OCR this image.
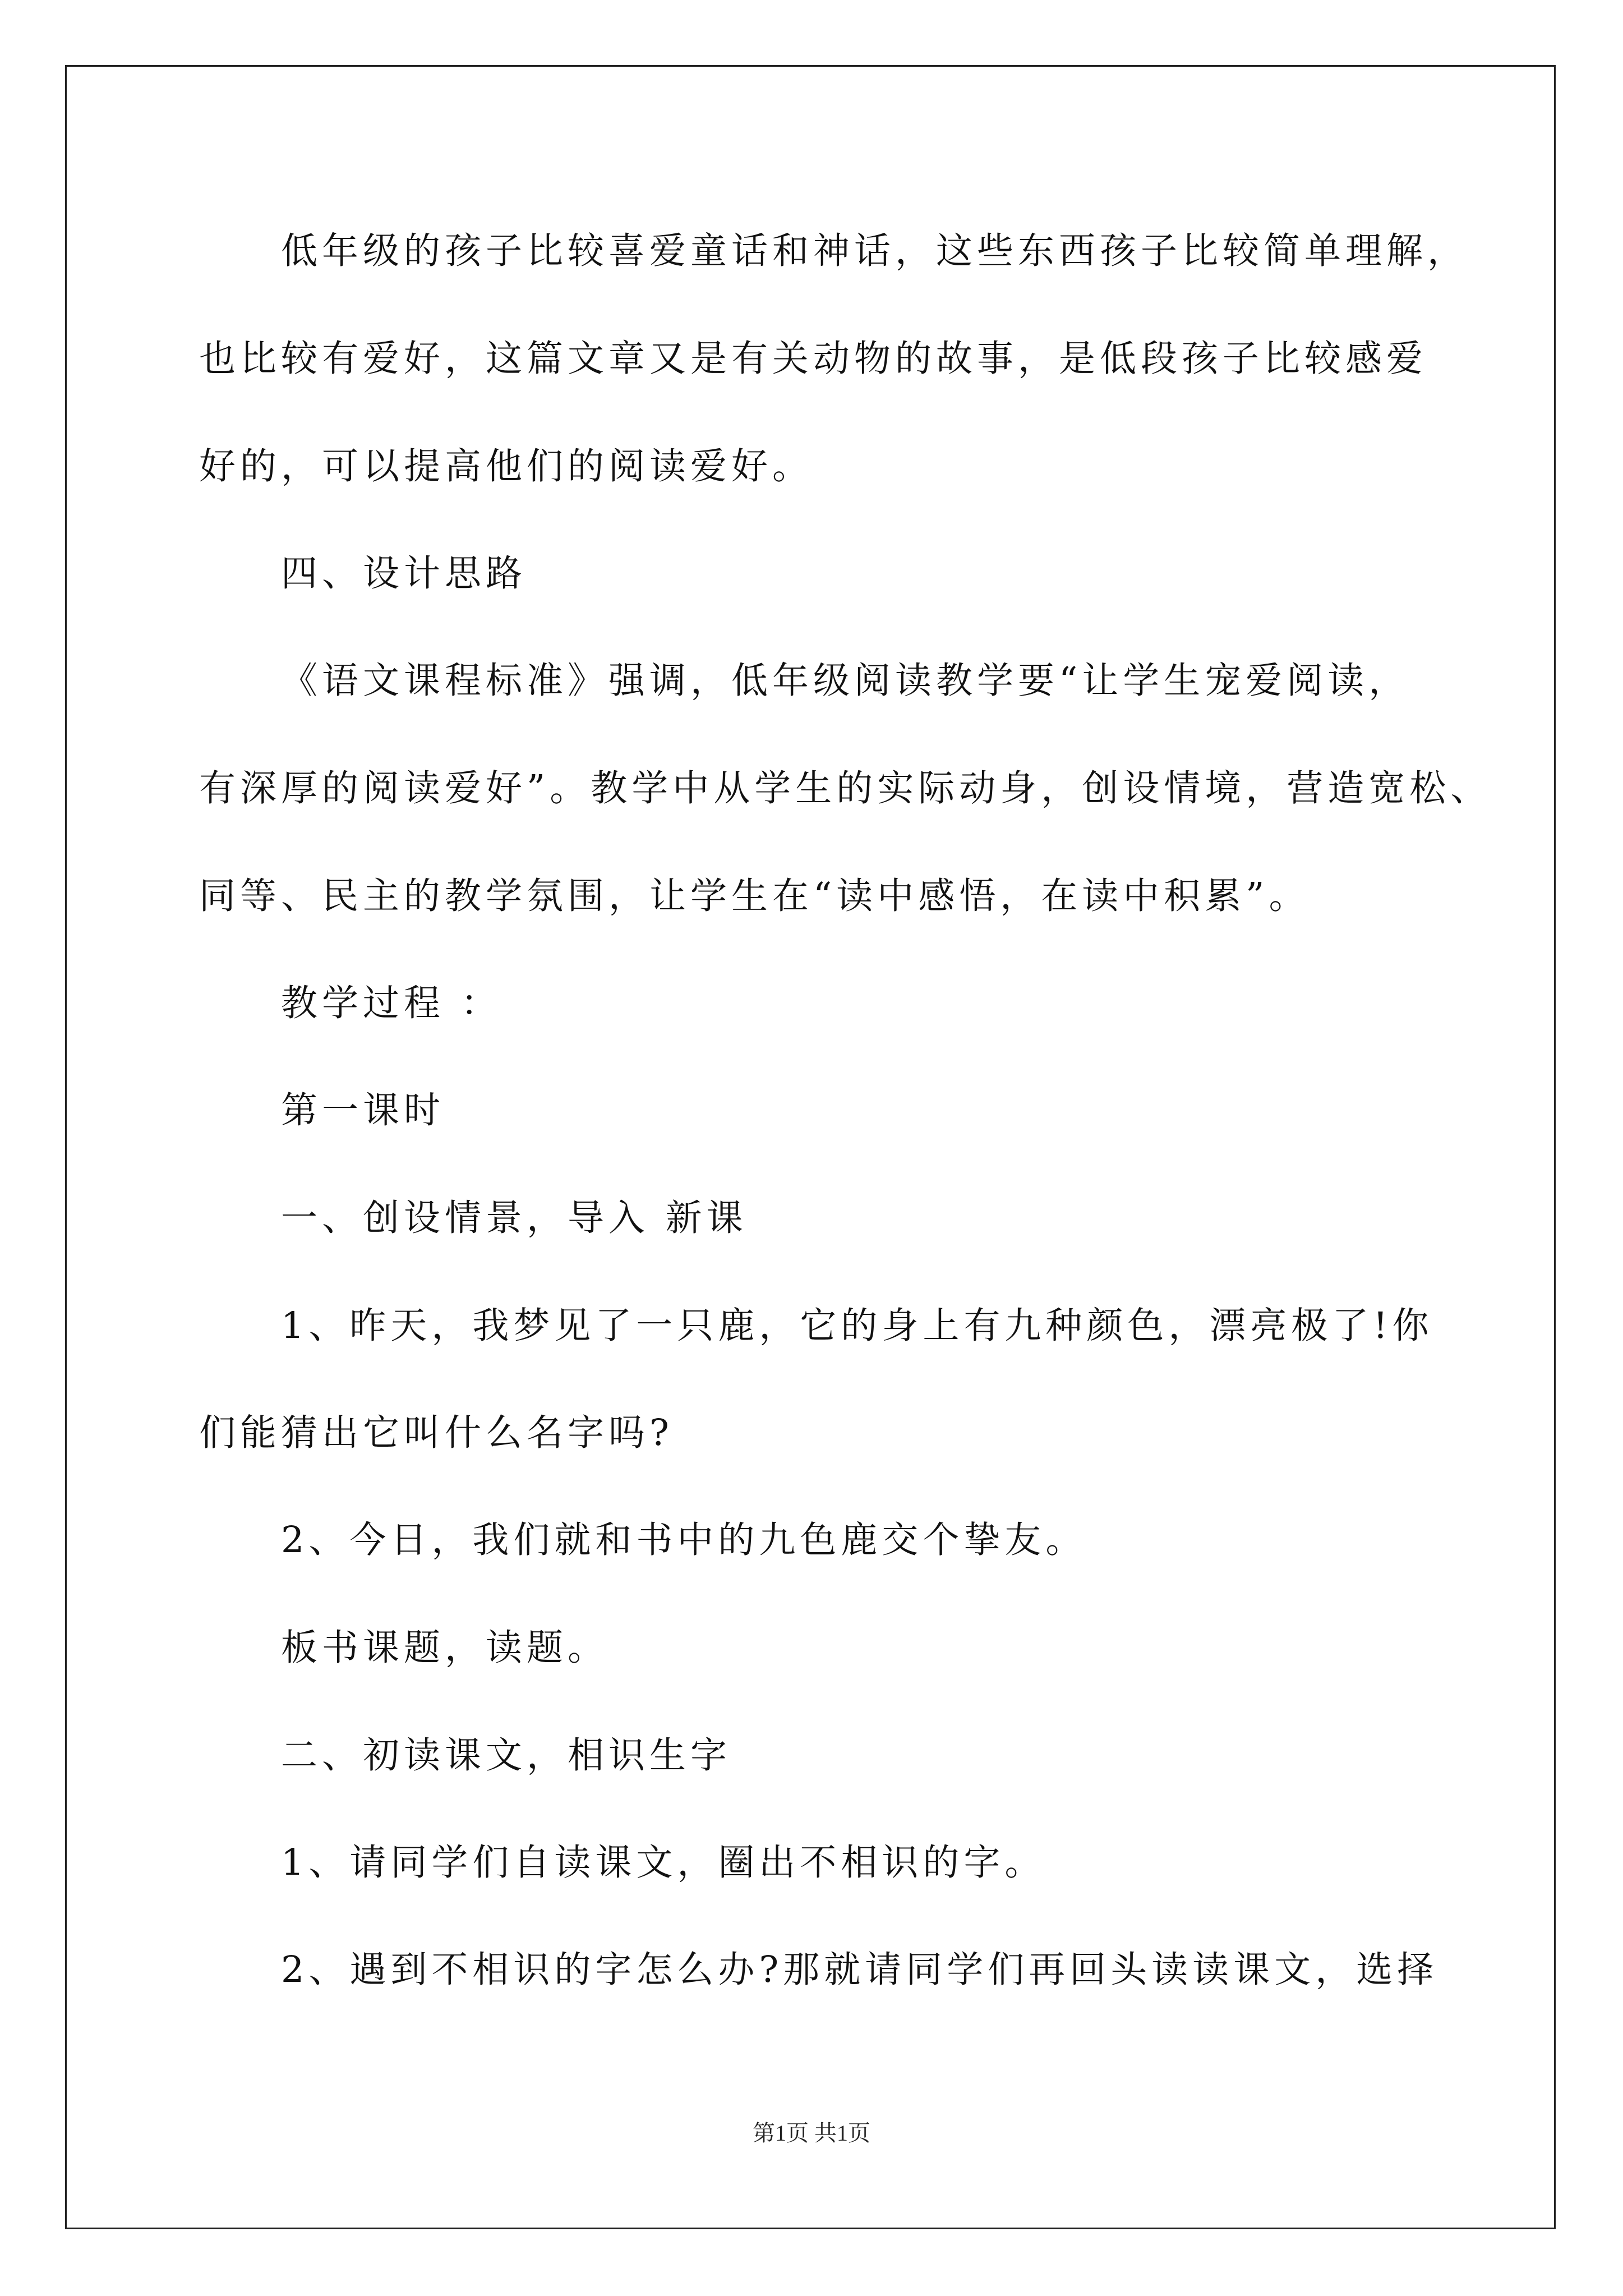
低年级的孩子比较喜爱童话和神话，这些东西孩子比较简单理解，
也比较有爱好，这篇文章又是有关动物的故事，是低段孩子比较感爱
好的，可以提高他们的阅读爱好。
四、设计思路
《语文课程标准》强调，低年级阅读教学要“让学生宠爱阅读，
有深厚的阅读爱好”。教学中从学生的实际动身，创设情境，营造宽松、
同等、民主的教学氛围，让学生在“读中感悟，在读中积累”。
教学过程 ：
第一课时
一、创设情景，导入 新课
1、昨天，我梦见了一只鹿，它的身上有九种颜色，漂亮极了!你
们能猜出它叫什么名字吗?
2、今日，我们就和书中的九色鹿交个挚友。
板书课题，读题。
二、初读课文，相识生字
1、请同学们自读课文，圈出不相识的字。
2、遇到不相识的字怎么办?那就请同学们再回头读读课文，选择
第1页 共1页
